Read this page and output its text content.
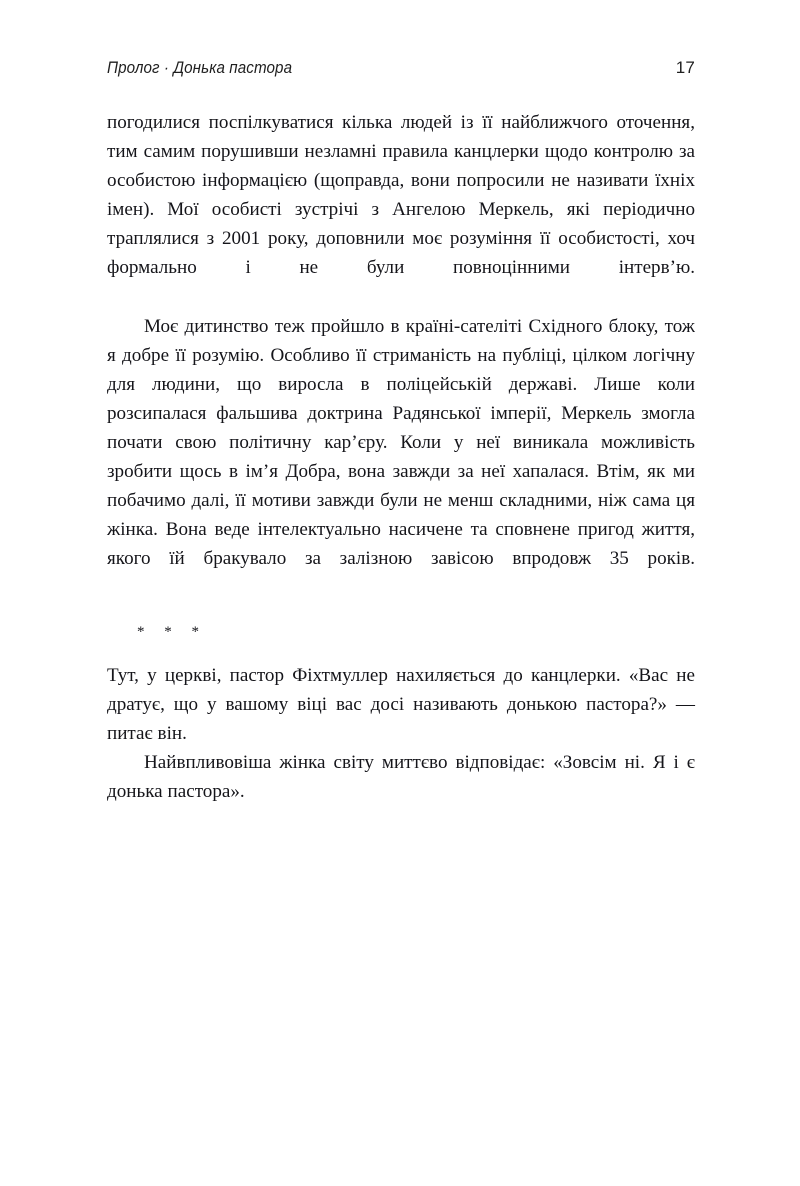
Пролог · Донька пастора	17

погодилися поспілкуватися кілька людей із її найближчого оточення, тим самим порушивши незламні правила канцлерки щодо контролю за особистою інформацією (щоправда, вони попросили не називати їхніх імен). Мої особисті зустрічі з Ангелою Меркель, які періодично траплялися з 2001 року, доповнили моє розуміння її особистості, хоч формально і не були повноцінними інтерв’ю.

Моє дитинство теж пройшло в країні-сателіті Східного блоку, тож я добре її розумію. Особливо її стриманість на публіці, цілком логічну для людини, що виросла в поліцейській державі. Лише коли розсипалася фальшива доктрина Радянської імперії, Меркель змогла почати свою політичну кар’єру. Коли у неї виникала можливість зробити щось в ім’я Добра, вона завжди за неї хапалася. Втім, як ми побачимо далі, її мотиви завжди були не менш складними, ніж сама ця жінка. Вона веде інтелектуально насичене та сповнене пригод життя, якого їй бракувало за залізною завісою впродовж 35 років.

* * *

Тут, у церкві, пастор Фіхтмуллер нахиляється до канцлерки. «Вас не дратує, що у вашому віці вас досі називають донькою пастора?» — питає він.

Найвпливовіша жінка світу миттєво відповідає: «Зовсім ні. Я і є донька пастора».
